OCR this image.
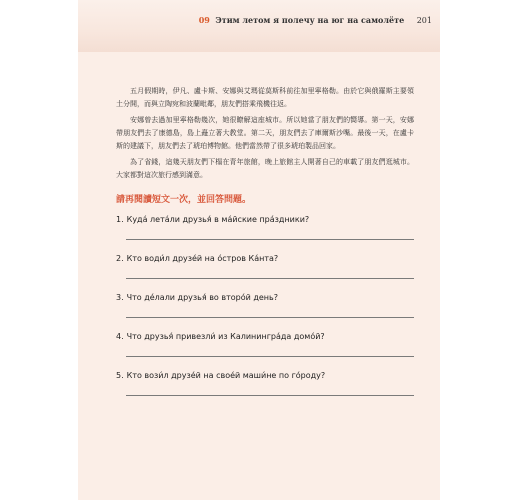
09 Этим летом я полечу на юг на самолёте 201

五月假期時，伊凡、盧卡斯、安娜與艾瑪從莫斯科前往加里寧格勒。由於它與俄羅斯主要領土分開，而與立陶宛和波蘭毗鄰，朋友們搭乘飛機往返。

安娜曾去過加里寧格勒幾次，她很瞭解這座城市。所以她當了朋友們的嚮導。第一天，安娜帶朋友們去了康德島，島上矗立著大教堂。第二天，朋友們去了庫爾斯沙嘴。最後一天，在盧卡斯的建議下，朋友們去了琥珀博物館。他們當然帶了很多琥珀製品回家。

為了省錢，這幾天朋友們下榻在青年旅館，晚上旅館主人開著自己的車載了朋友們逛城市。大家都對這次旅行感到滿意。

請再閱讀短文一次，並回答問題。
1. Куда́ лета́ли друзья́ в ма́йские пра́здники?
2. Кто води́л друзе́й на о́стров Ка́нта?
3. Что де́лали друзья́ во второ́й день?
4. Что друзья́ привезли́ из Калинингра́да домо́й?
5. Кто вози́л друзе́й на свое́й маши́не по го́роду?
